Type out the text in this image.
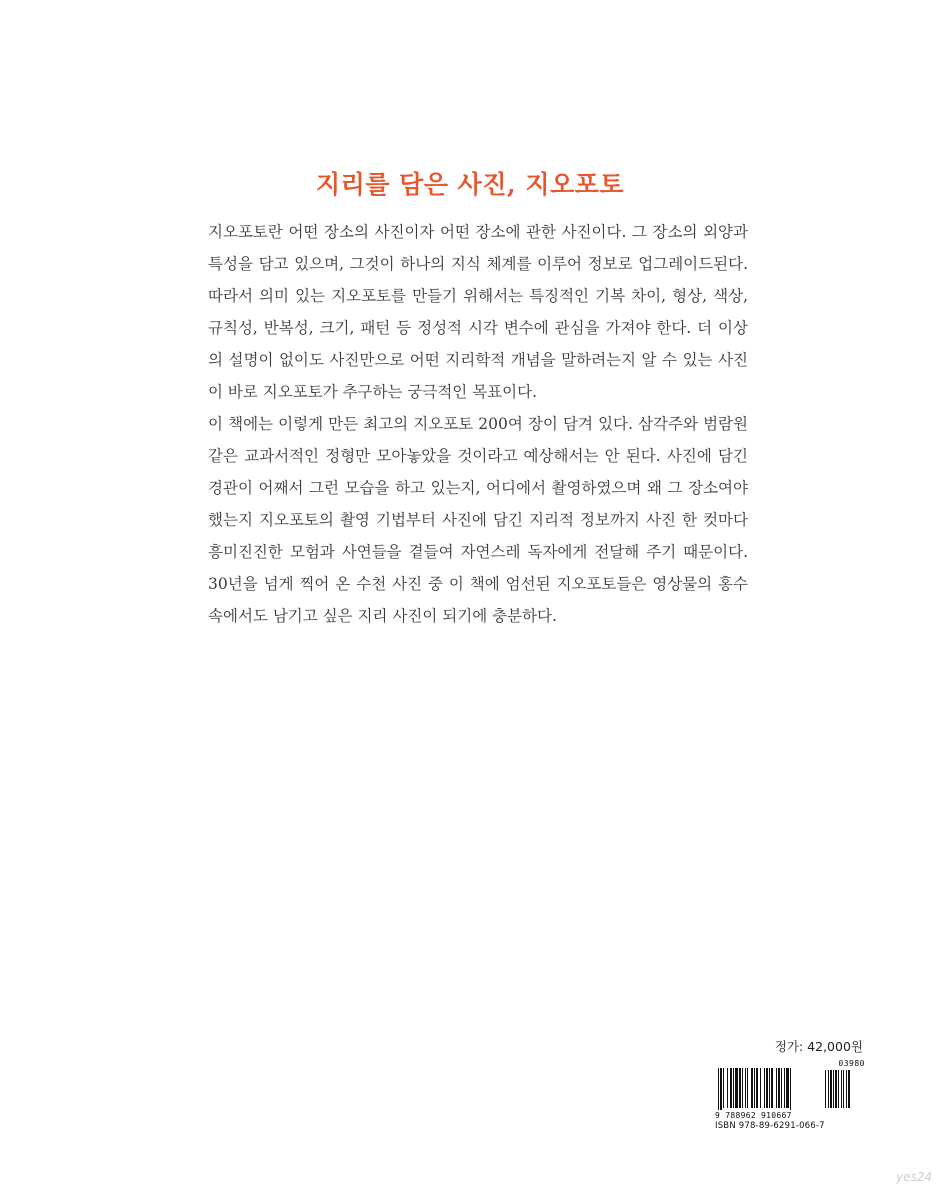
지리를 담은 사진, 지오포토

지오포토란 어떤 장소의 사진이자 어떤 장소에 관한 사진이다. 그 장소의 외양과 특성을 담고 있으며, 그것이 하나의 지식 체계를 이루어 정보로 업그레이드된다. 따라서 의미 있는 지오포토를 만들기 위해서는 특징적인 기복 차이, 형상, 색상, 규칙성, 반복성, 크기, 패턴 등 정성적 시각 변수에 관심을 가져야 한다. 더 이상의 설명이 없이도 사진만으로 어떤 지리학적 개념을 말하려는지 알 수 있는 사진이 바로 지오포토가 추구하는 궁극적인 목표이다.

이 책에는 이렇게 만든 최고의 지오포토 200여 장이 담겨 있다. 삼각주와 범람원 같은 교과서적인 정형만 모아놓았을 것이라고 예상해서는 안 된다. 사진에 담긴 경관이 어째서 그런 모습을 하고 있는지, 어디에서 촬영하였으며 왜 그 장소여야 했는지 지오포토의 촬영 기법부터 사진에 담긴 지리적 정보까지 사진 한 컷마다 흥미진진한 모험과 사연들을 곁들여 자연스레 독자에게 전달해 주기 때문이다. 30년을 넘게 찍어 온 수천 사진 중 이 책에 엄선된 지오포토들은 영상물의 홍수 속에서도 남기고 싶은 지리 사진이 되기에 충분하다.

정가: 42,000원
03980
9 788962 910667
ISBN 978-89-6291-066-7
yes24
